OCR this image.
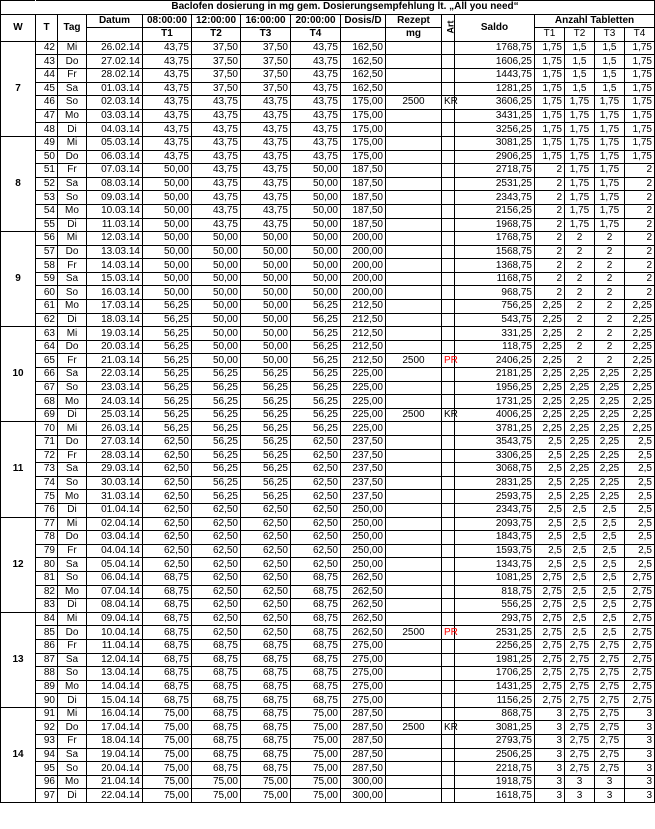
	Baclofen dosierung in mg gem. Dosierungsempfehlung lt. „All you need“														
W	T	Tag	Datum	08:00:00	12:00:00	16:00:00	20:00:00	Dosis/D	Rezept	Art	Saldo	Anzahl Tabletten			
				T1	T2	T3	T4		mg			T1	T2	T3	T4
7	42	Mi	26.02.14	43,75	37,50	37,50	43,75	162,50			1768,75	1,75	1,5	1,5	1,75
	43	Do	27.02.14	43,75	37,50	37,50	43,75	162,50			1606,25	1,75	1,5	1,5	1,75
	44	Fr	28.02.14	43,75	37,50	37,50	43,75	162,50			1443,75	1,75	1,5	1,5	1,75
	45	Sa	01.03.14	43,75	37,50	37,50	43,75	162,50			1281,25	1,75	1,5	1,5	1,75
	46	So	02.03.14	43,75	43,75	43,75	43,75	175,00	2500	KR	3606,25	1,75	1,75	1,75	1,75
	47	Mo	03.03.14	43,75	43,75	43,75	43,75	175,00			3431,25	1,75	1,75	1,75	1,75
	48	Di	04.03.14	43,75	43,75	43,75	43,75	175,00			3256,25	1,75	1,75	1,75	1,75
8	49	Mi	05.03.14	43,75	43,75	43,75	43,75	175,00			3081,25	1,75	1,75	1,75	1,75
	50	Do	06.03.14	43,75	43,75	43,75	43,75	175,00			2906,25	1,75	1,75	1,75	1,75
	51	Fr	07.03.14	50,00	43,75	43,75	50,00	187,50			2718,75	2	1,75	1,75	2
	52	Sa	08.03.14	50,00	43,75	43,75	50,00	187,50			2531,25	2	1,75	1,75	2
	53	So	09.03.14	50,00	43,75	43,75	50,00	187,50			2343,75	2	1,75	1,75	2
	54	Mo	10.03.14	50,00	43,75	43,75	50,00	187,50			2156,25	2	1,75	1,75	2
	55	Di	11.03.14	50,00	43,75	43,75	50,00	187,50			1968,75	2	1,75	1,75	2
9	56	Mi	12.03.14	50,00	50,00	50,00	50,00	200,00			1768,75	2	2	2	2
	57	Do	13.03.14	50,00	50,00	50,00	50,00	200,00			1568,75	2	2	2	2
	58	Fr	14.03.14	50,00	50,00	50,00	50,00	200,00			1368,75	2	2	2	2
	59	Sa	15.03.14	50,00	50,00	50,00	50,00	200,00			1168,75	2	2	2	2
	60	So	16.03.14	50,00	50,00	50,00	50,00	200,00			968,75	2	2	2	2
	61	Mo	17.03.14	56,25	50,00	50,00	56,25	212,50			756,25	2,25	2	2	2,25
	62	Di	18.03.14	56,25	50,00	50,00	56,25	212,50			543,75	2,25	2	2	2,25
10	63	Mi	19.03.14	56,25	50,00	50,00	56,25	212,50			331,25	2,25	2	2	2,25
	64	Do	20.03.14	56,25	50,00	50,00	56,25	212,50			118,75	2,25	2	2	2,25
	65	Fr	21.03.14	56,25	50,00	50,00	56,25	212,50	2500	PR	2406,25	2,25	2	2	2,25
	66	Sa	22.03.14	56,25	56,25	56,25	56,25	225,00			2181,25	2,25	2,25	2,25	2,25
	67	So	23.03.14	56,25	56,25	56,25	56,25	225,00			1956,25	2,25	2,25	2,25	2,25
	68	Mo	24.03.14	56,25	56,25	56,25	56,25	225,00			1731,25	2,25	2,25	2,25	2,25
	69	Di	25.03.14	56,25	56,25	56,25	56,25	225,00	2500	KR	4006,25	2,25	2,25	2,25	2,25
11	70	Mi	26.03.14	56,25	56,25	56,25	56,25	225,00			3781,25	2,25	2,25	2,25	2,25
	71	Do	27.03.14	62,50	56,25	56,25	62,50	237,50			3543,75	2,5	2,25	2,25	2,5
	72	Fr	28.03.14	62,50	56,25	56,25	62,50	237,50			3306,25	2,5	2,25	2,25	2,5
	73	Sa	29.03.14	62,50	56,25	56,25	62,50	237,50			3068,75	2,5	2,25	2,25	2,5
	74	So	30.03.14	62,50	56,25	56,25	62,50	237,50			2831,25	2,5	2,25	2,25	2,5
	75	Mo	31.03.14	62,50	56,25	56,25	62,50	237,50			2593,75	2,5	2,25	2,25	2,5
	76	Di	01.04.14	62,50	62,50	62,50	62,50	250,00			2343,75	2,5	2,5	2,5	2,5
12	77	Mi	02.04.14	62,50	62,50	62,50	62,50	250,00			2093,75	2,5	2,5	2,5	2,5
	78	Do	03.04.14	62,50	62,50	62,50	62,50	250,00			1843,75	2,5	2,5	2,5	2,5
	79	Fr	04.04.14	62,50	62,50	62,50	62,50	250,00			1593,75	2,5	2,5	2,5	2,5
	80	Sa	05.04.14	62,50	62,50	62,50	62,50	250,00			1343,75	2,5	2,5	2,5	2,5
	81	So	06.04.14	68,75	62,50	62,50	68,75	262,50			1081,25	2,75	2,5	2,5	2,75
	82	Mo	07.04.14	68,75	62,50	62,50	68,75	262,50			818,75	2,75	2,5	2,5	2,75
	83	Di	08.04.14	68,75	62,50	62,50	68,75	262,50			556,25	2,75	2,5	2,5	2,75
13	84	Mi	09.04.14	68,75	62,50	62,50	68,75	262,50			293,75	2,75	2,5	2,5	2,75
	85	Do	10.04.14	68,75	62,50	62,50	68,75	262,50	2500	PR	2531,25	2,75	2,5	2,5	2,75
	86	Fr	11.04.14	68,75	68,75	68,75	68,75	275,00			2256,25	2,75	2,75	2,75	2,75
	87	Sa	12.04.14	68,75	68,75	68,75	68,75	275,00			1981,25	2,75	2,75	2,75	2,75
	88	So	13.04.14	68,75	68,75	68,75	68,75	275,00			1706,25	2,75	2,75	2,75	2,75
	89	Mo	14.04.14	68,75	68,75	68,75	68,75	275,00			1431,25	2,75	2,75	2,75	2,75
	90	Di	15.04.14	68,75	68,75	68,75	68,75	275,00			1156,25	2,75	2,75	2,75	2,75
14	91	Mi	16.04.14	75,00	68,75	68,75	75,00	287,50			868,75	3	2,75	2,75	3
	92	Do	17.04.14	75,00	68,75	68,75	75,00	287,50	2500	KR	3081,25	3	2,75	2,75	3
	93	Fr	18.04.14	75,00	68,75	68,75	75,00	287,50			2793,75	3	2,75	2,75	3
	94	Sa	19.04.14	75,00	68,75	68,75	75,00	287,50			2506,25	3	2,75	2,75	3
	95	So	20.04.14	75,00	68,75	68,75	75,00	287,50			2218,75	3	2,75	2,75	3
	96	Mo	21.04.14	75,00	75,00	75,00	75,00	300,00			1918,75	3	3	3	3
	97	Di	22.04.14	75,00	75,00	75,00	75,00	300,00			1618,75	3	3	3	3
